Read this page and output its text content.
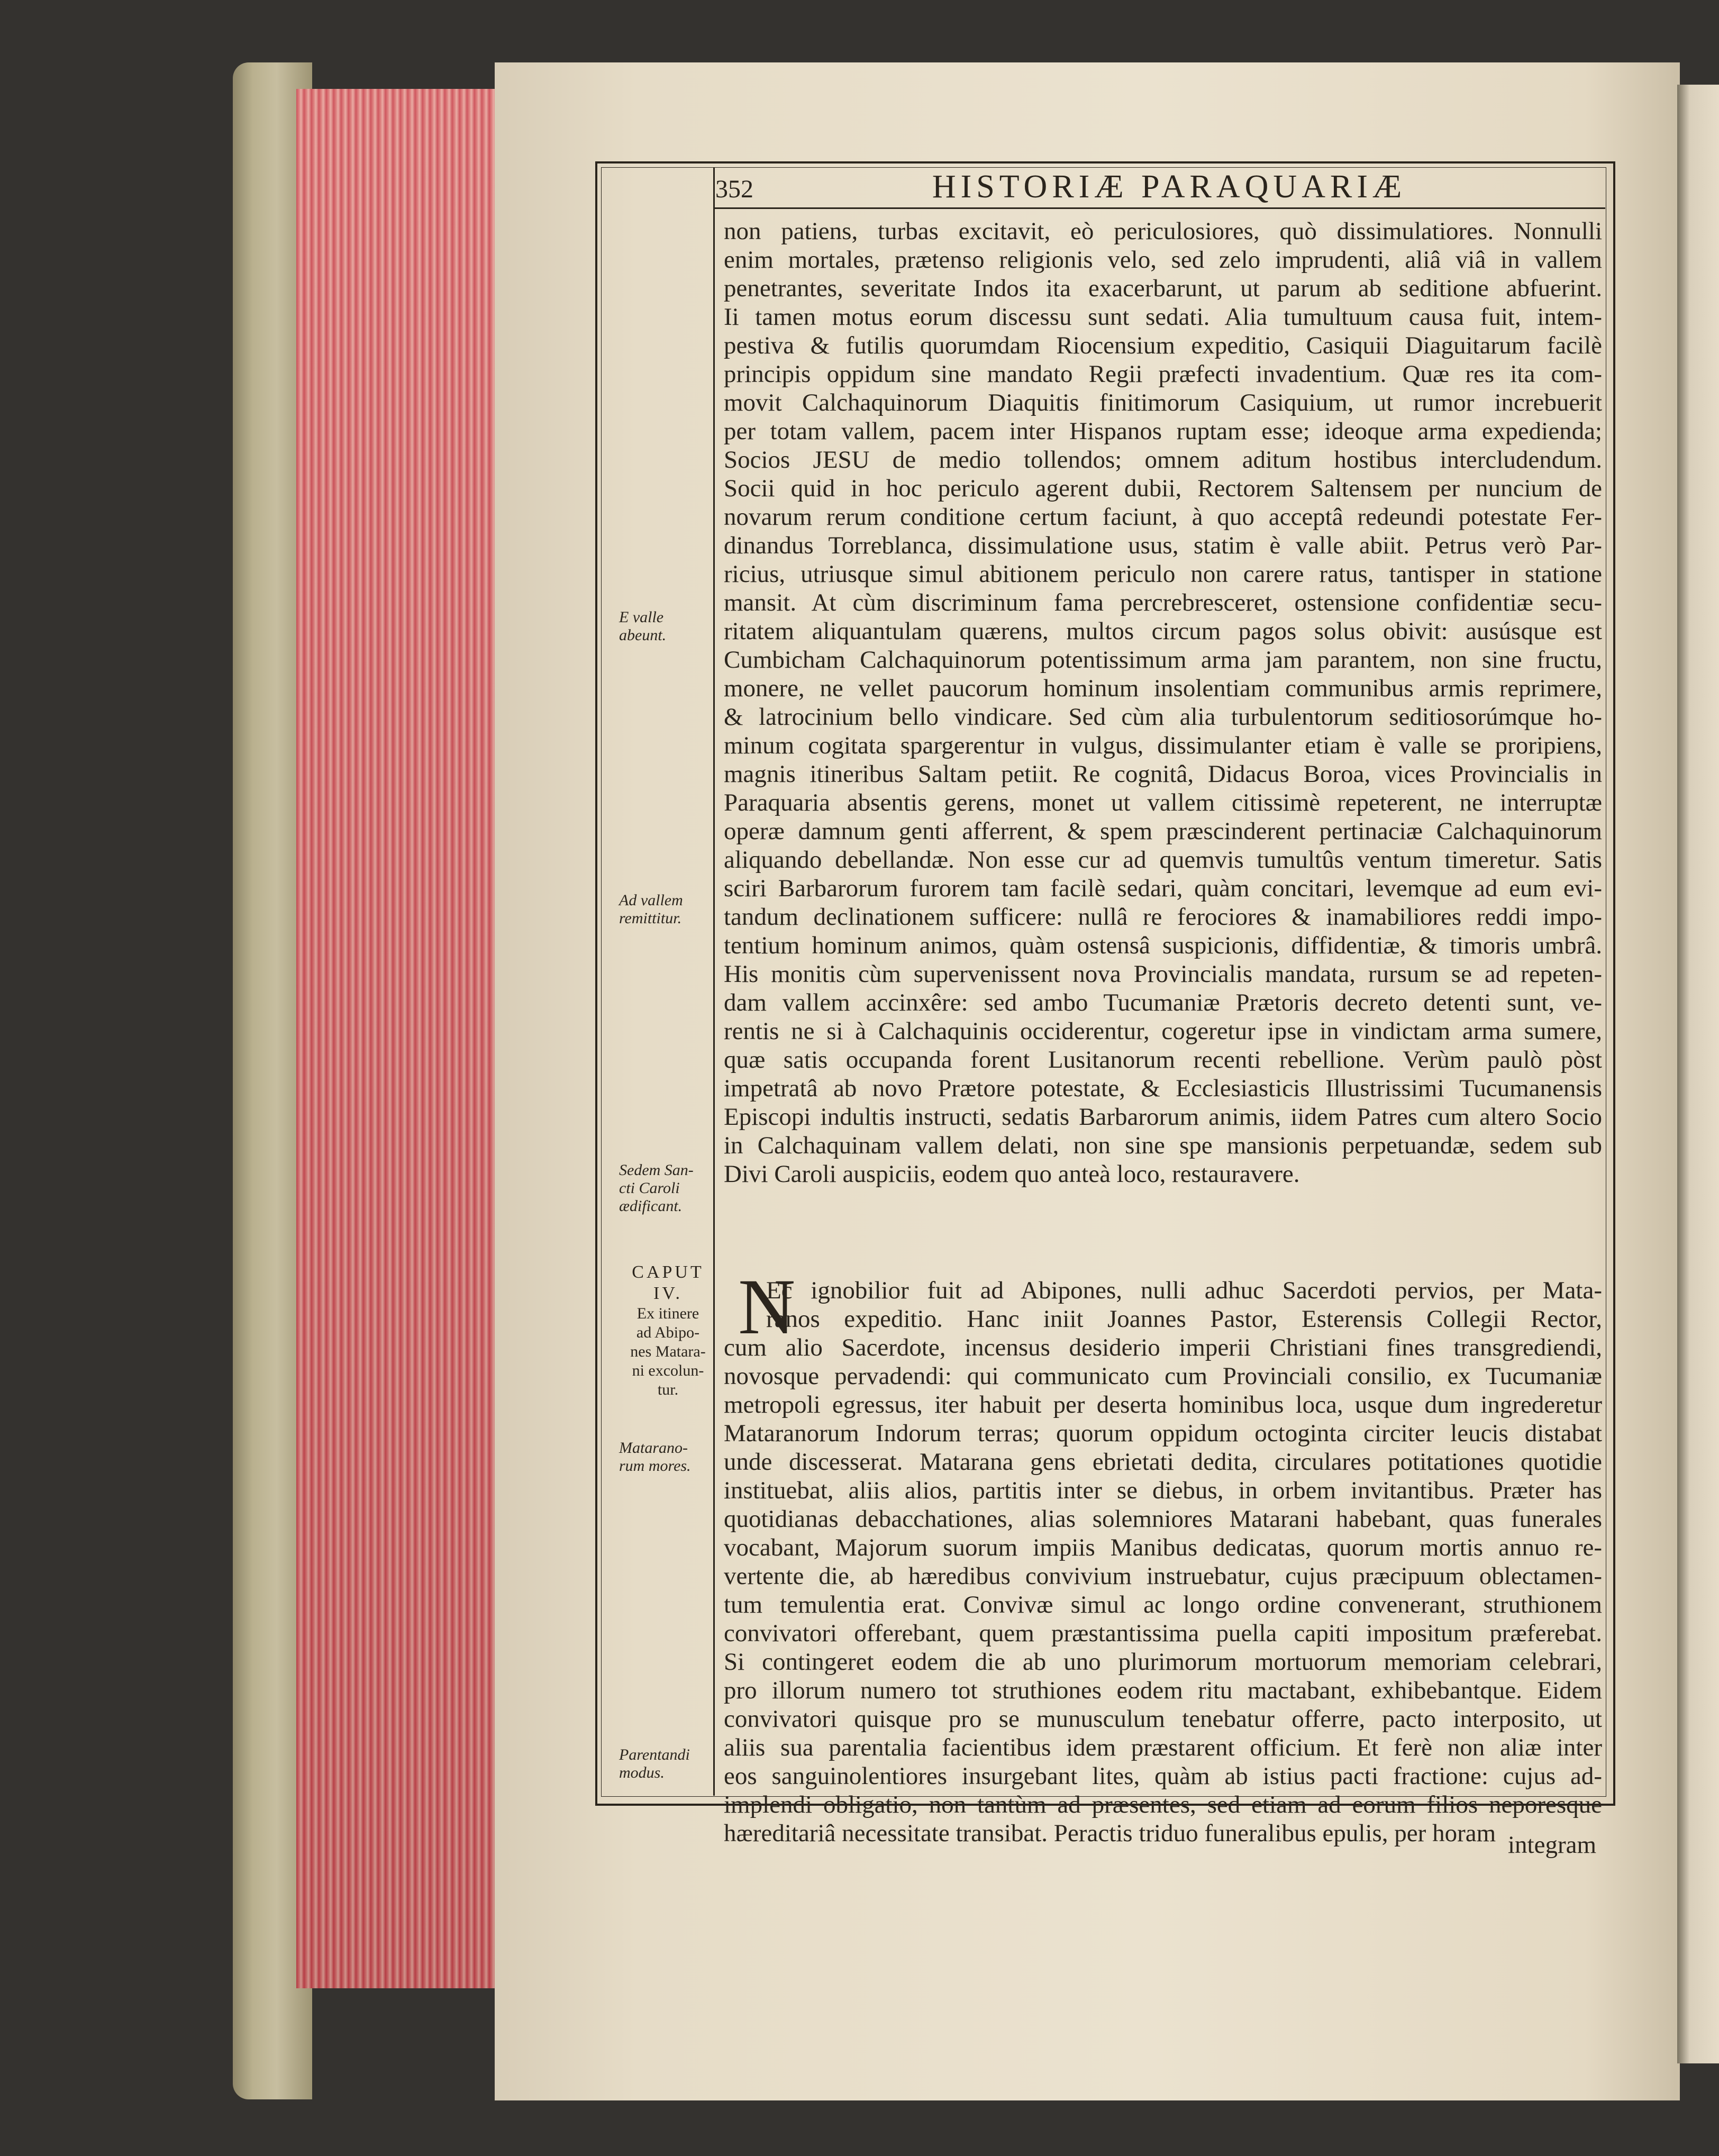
352	HISTORIÆ PARAQUARIÆ
non patiens, turbas excitavit, eò periculosiores, quò dissimulatiores. Nonnulli
enim mortales, prætenso religionis velo, sed zelo imprudenti, aliâ viâ in vallem
penetrantes, severitate Indos ita exacerbarunt, ut parum ab seditione abfuerint.
Ii tamen motus eorum discessu sunt sedati. Alia tumultuum causa fuit, intem-
pestiva & futilis quorumdam Riocensium expeditio, Casiquii Diaguitarum facilè
principis oppidum sine mandato Regii præfecti invadentium. Quæ res ita com-
movit Calchaquinorum Diaquitis finitimorum Casiquium, ut rumor increbuerit
per totam vallem, pacem inter Hispanos ruptam esse; ideoque arma expedienda;
Socios JESU de medio tollendos; omnem aditum hostibus intercludendum.
Socii quid in hoc periculo agerent dubii, Rectorem Saltensem per nuncium de
novarum rerum conditione certum faciunt, à quo acceptâ redeundi potestate Fer-
dinandus Torreblanca, dissimulatione usus, statim è valle abiit. Petrus verò Par-
ricius, utriusque simul abitionem periculo non carere ratus, tantisper in statione
mansit. At cùm discriminum fama percrebresceret, ostensione confidentiæ secu-
ritatem aliquantulam quærens, multos circum pagos solus obivit: ausúsque est
Cumbicham Calchaquinorum potentissimum arma jam parantem, non sine fructu,
monere, ne vellet paucorum hominum insolentiam communibus armis reprimere,
& latrocinium bello vindicare. Sed cùm alia turbulentorum seditiosorúmque ho-
minum cogitata spargerentur in vulgus, dissimulanter etiam è valle se proripiens,
magnis itineribus Saltam petiit. Re cognitâ, Didacus Boroa, vices Provincialis in
Paraquaria absentis gerens, monet ut vallem citissimè repeterent, ne interruptæ
operæ damnum genti afferrent, & spem præscinderent pertinaciæ Calchaquinorum
aliquando debellandæ. Non esse cur ad quemvis tumultûs ventum timeretur. Satis
sciri Barbarorum furorem tam facilè sedari, quàm concitari, levemque ad eum evi-
tandum declinationem sufficere: nullâ re ferociores & inamabiliores reddi impo-
tentium hominum animos, quàm ostensâ suspicionis, diffidentiæ, & timoris umbrâ.
His monitis cùm supervenissent nova Provincialis mandata, rursum se ad repeten-
dam vallem accinxêre: sed ambo Tucumaniæ Prætoris decreto detenti sunt, ve-
rentis ne si à Calchaquinis occiderentur, cogeretur ipse in vindictam arma sumere,
quæ satis occupanda forent Lusitanorum recenti rebellione. Verùm paulò pòst
impetratâ ab novo Prætore potestate, & Ecclesiasticis Illustrissimi Tucumanensis
Episcopi indultis instructi, sedatis Barbarorum animis, iidem Patres cum altero Socio
in Calchaquinam vallem delati, non sine spe mansionis perpetuandæ, sedem sub
Divi Caroli auspiciis, eodem quo anteà loco, restauravere.
N
Ec ignobilior fuit ad Abipones, nulli adhuc Sacerdoti pervios, per Mata-
ranos expeditio. Hanc iniit Joannes Pastor, Esterensis Collegii Rector,
cum alio Sacerdote, incensus desiderio imperii Christiani fines transgrediendi,
novosque pervadendi: qui communicato cum Provinciali consilio, ex Tucumaniæ
metropoli egressus, iter habuit per deserta hominibus loca, usque dum ingrederetur
Mataranorum Indorum terras; quorum oppidum octoginta circiter leucis distabat
unde discesserat. Matarana gens ebrietati dedita, circulares potitationes quotidie
instituebat, aliis alios, partitis inter se diebus, in orbem invitantibus. Præter has
quotidianas debacchationes, alias solemniores Matarani habebant, quas funerales
vocabant, Majorum suorum impiis Manibus dedicatas, quorum mortis annuo re-
vertente die, ab hæredibus convivium instruebatur, cujus præcipuum oblectamen-
tum temulentia erat. Convivæ simul ac longo ordine convenerant, struthionem
convivatori offerebant, quem præstantissima puella capiti impositum præferebat.
Si contingeret eodem die ab uno plurimorum mortuorum memoriam celebrari,
pro illorum numero tot struthiones eodem ritu mactabant, exhibebantque. Eidem
convivatori quisque pro se munusculum tenebatur offerre, pacto interposito, ut
aliis sua parentalia facientibus idem præstarent officium. Et ferè non aliæ inter
eos sanguinolentiores insurgebant lites, quàm ab istius pacti fractione: cujus ad-
implendi obligatio, non tantùm ad præsentes, sed etiam ad eorum filios neporesque
hæreditariâ necessitate transibat. Peractis triduo funeralibus epulis, per horam
E valle
abeunt.
Ad vallem
remittitur.
Sedem San-
cti Caroli
ædificant.
CAPUT
IV.
Ex itinere
ad Abipo-
nes Matara-
ni excolun-
tur.
Matarano-
rum mores.
Parentandi
modus.
integram
